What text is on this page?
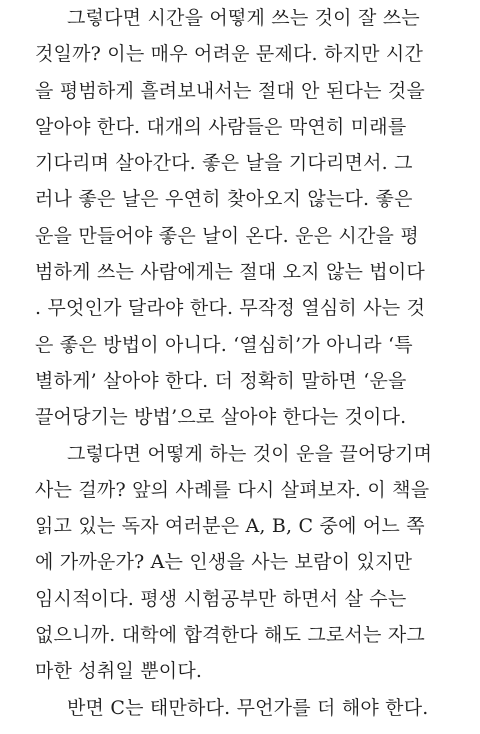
그렇다면 시간을 어떻게 쓰는 것이 잘 쓰는
것일까? 이는 매우 어려운 문제다. 하지만 시간
을 평범하게 흘려보내서는 절대 안 된다는 것을
알아야 한다. 대개의 사람들은 막연히 미래를
기다리며 살아간다. 좋은 날을 기다리면서. 그
러나 좋은 날은 우연히 찾아오지 않는다. 좋은
운을 만들어야 좋은 날이 온다. 운은 시간을 평
범하게 쓰는 사람에게는 절대 오지 않는 법이다
. 무엇인가 달라야 한다. 무작정 열심히 사는 것
은 좋은 방법이 아니다. ‘열심히’가 아니라 ‘특
별하게’ 살아야 한다. 더 정확히 말하면 ‘운을
끌어당기는 방법’으로 살아야 한다는 것이다.
그렇다면 어떻게 하는 것이 운을 끌어당기며
사는 걸까? 앞의 사례를 다시 살펴보자. 이 책을
읽고 있는 독자 여러분은 A, B, C 중에 어느 쪽
에 가까운가? A는 인생을 사는 보람이 있지만
임시적이다. 평생 시험공부만 하면서 살 수는
없으니까. 대학에 합격한다 해도 그로서는 자그
마한 성취일 뿐이다.
반면 C는 태만하다. 무언가를 더 해야 한다.
